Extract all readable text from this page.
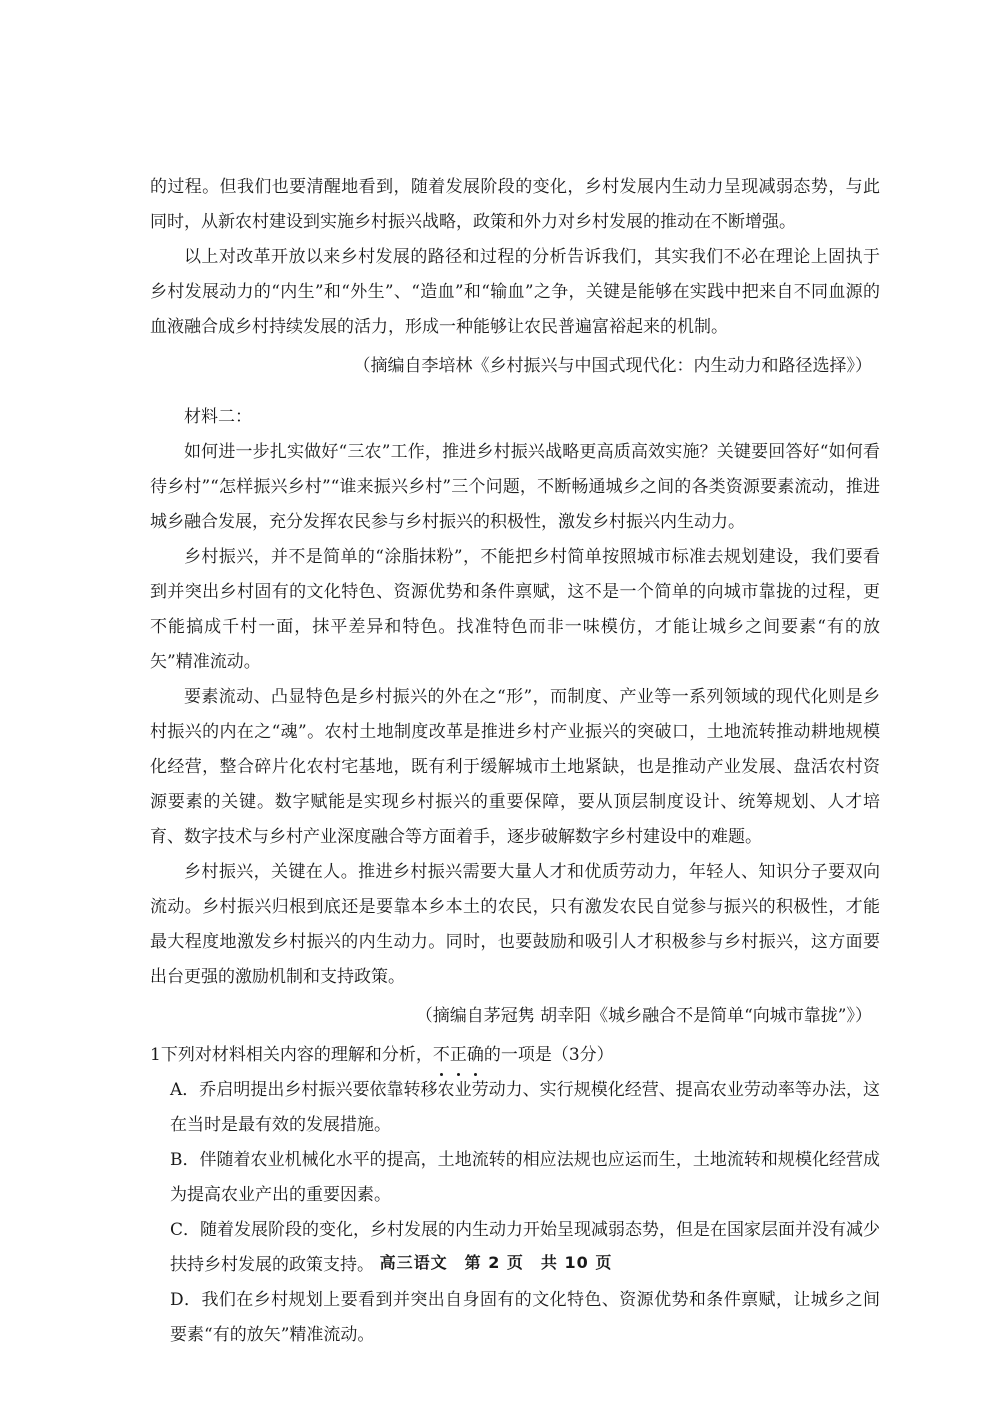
的过程。但我们也要清醒地看到，随着发展阶段的变化，乡村发展内生动力呈现减弱态势，与此同时，从新农村建设到实施乡村振兴战略，政策和外力对乡村发展的推动在不断增强。

以上对改革开放以来乡村发展的路径和过程的分析告诉我们，其实我们不必在理论上固执于乡村发展动力的“内生”和“外生”、“造血”和“输血”之争，关键是能够在实践中把来自不同血源的血液融合成乡村持续发展的活力，形成一种能够让农民普遍富裕起来的机制。

（摘编自李培林《乡村振兴与中国式现代化：内生动力和路径选择》）

材料二：

如何进一步扎实做好“三农”工作，推进乡村振兴战略更高质高效实施？关键要回答好“如何看待乡村”“怎样振兴乡村”“谁来振兴乡村”三个问题，不断畅通城乡之间的各类资源要素流动，推进城乡融合发展，充分发挥农民参与乡村振兴的积极性，激发乡村振兴内生动力。

乡村振兴，并不是简单的“涂脂抹粉”，不能把乡村简单按照城市标准去规划建设，我们要看到并突出乡村固有的文化特色、资源优势和条件禀赋，这不是一个简单的向城市靠拢的过程，更不能搞成千村一面，抹平差异和特色。找准特色而非一味模仿，才能让城乡之间要素“有的放矢”精准流动。

要素流动、凸显特色是乡村振兴的外在之“形”，而制度、产业等一系列领域的现代化则是乡村振兴的内在之“魂”。农村土地制度改革是推进乡村产业振兴的突破口，土地流转推动耕地规模化经营，整合碎片化农村宅基地，既有利于缓解城市土地紧缺，也是推动产业发展、盘活农村资源要素的关键。数字赋能是实现乡村振兴的重要保障，要从顶层制度设计、统筹规划、人才培育、数字技术与乡村产业深度融合等方面着手，逐步破解数字乡村建设中的难题。

乡村振兴，关键在人。推进乡村振兴需要大量人才和优质劳动力，年轻人、知识分子要双向流动。乡村振兴归根到底还是要靠本乡本土的农民，只有激发农民自觉参与振兴的积极性，才能最大程度地激发乡村振兴的内生动力。同时，也要鼓励和吸引人才积极参与乡村振兴，这方面要出台更强的激励机制和支持政策。

（摘编自茅冠隽 胡幸阳《城乡融合不是简单“向城市靠拢”》）

1下列对材料相关内容的理解和分析，不正确的一项是（3分）

A．乔启明提出乡村振兴要依靠转移农业劳动力、实行规模化经营、提高农业劳动率等办法，这在当时是最有效的发展措施。

B．伴随着农业机械化水平的提高，土地流转的相应法规也应运而生，土地流转和规模化经营成为提高农业产出的重要因素。

C．随着发展阶段的变化，乡村发展的内生动力开始呈现减弱态势，但是在国家层面并没有减少扶持乡村发展的政策支持。

D．我们在乡村规划上要看到并突出自身固有的文化特色、资源优势和条件禀赋，让城乡之间要素“有的放矢”精准流动。

高三语文　第 2 页　共 10 页
